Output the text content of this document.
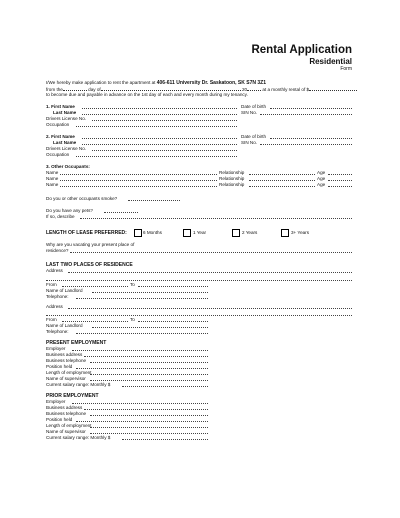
Rental Application
Residential
Form
I/We hereby make application to rent the apartment at 406-611 University Dr. Saskatoon, SK S7N 3Z1
from the	day of	20	at a monthly rental of $
to become due and payable in advance on the 1st day of each and every month during my tenancy.
1. First Name	Date of birth
Last Name	SIN No.
Drivers License No.
Occupation
2. First Name	Date of birth
Last Name	SIN No.
Drivers License No.
Occupation
3. Other Occupants:
Name	Relationship	Age
Name	Relationship	Age
Name	Relationship	Age
Do you or other occupants smoke?
Do you have any pets?
If so, describe
LENGTH OF LEASE PREFERRED:	6 Months	1 Year	2 Years	3+ Years
Why are you vacating your present place of
residence?
LAST TWO PLACES OF RESIDENCE
Address
From	To
Name of Landlord
Telephone:
Address
From	To
Name of Landlord
Telephone:
PRESENT EMPLOYMENT
Employer
Business address
Business telephone
Position held
Length of employment
Name of supervisor
Current salary range: Monthly $
PRIOR EMPLOYMENT
Employer
Business address
Business telephone
Position held
Length of employment
Name of supervisor
Current salary range: Monthly $
